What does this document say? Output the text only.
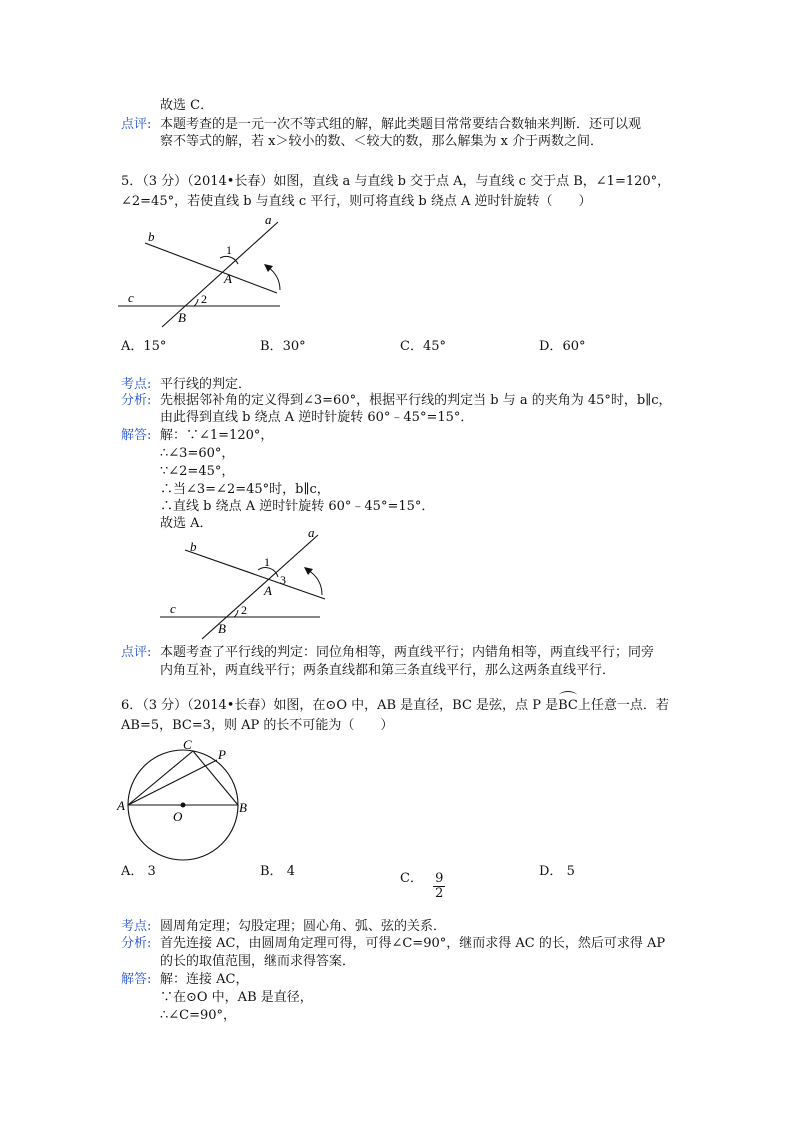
故选 C．
点评: 本题考查的是一元一次不等式组的解，解此类题目常常要结合数轴来判断．还可以观
察不等式的解，若 x＞较小的数、＜较大的数，那么解集为 x 介于两数之间．
5．（3 分）（2014•长春）如图，直线 a 与直线 b 交于点 A，与直线 c 交于点 B，∠1=120°，
∠2=45°，若使直线 b 与直线 c 平行，则可将直线 b 绕点 A 逆时针旋转（　　）
a
b
c
A
B
1
2
A．15°	B．30°	C．45°	D．60°
考点: 平行线的判定．
分析: 先根据邻补角的定义得到∠3=60°，根据平行线的判定当 b 与 a 的夹角为 45°时，b∥c，
由此得到直线 b 绕点 A 逆时针旋转 60°﹣45°=15°．
解答: 解：∵∠1=120°，
∴∠3=60°，
∵∠2=45°，
∴当∠3=∠2=45°时，b∥c，
∴直线 b 绕点 A 逆时针旋转 60°﹣45°=15°．
故选 A．
a
b
c
A
B
1
3
2
点评: 本题考查了平行线的判定：同位角相等，两直线平行；内错角相等，两直线平行；同旁
内角互补，两直线平行；两条直线都和第三条直线平行，那么这两条直线平行．
6．（3 分）（2014•长春）如图，在⊙O 中，AB 是直径，BC 是弦，点 P 是
BC上任意一点．若
AB=5，BC=3，则 AP 的长不可能为（　　）
A	B
C
P
O
A． 3	B． 4	C． $\frac{9}{2}$
D． 5
考点: 圆周角定理；勾股定理；圆心角、弧、弦的关系．
分析: 首先连接 AC，由圆周角定理可得，可得∠C=90°，继而求得 AC 的长，然后可求得 AP
的长的取值范围，继而求得答案．
解答: 解：连接 AC，
∵在⊙O 中，AB 是直径，
∴∠C=90°，
